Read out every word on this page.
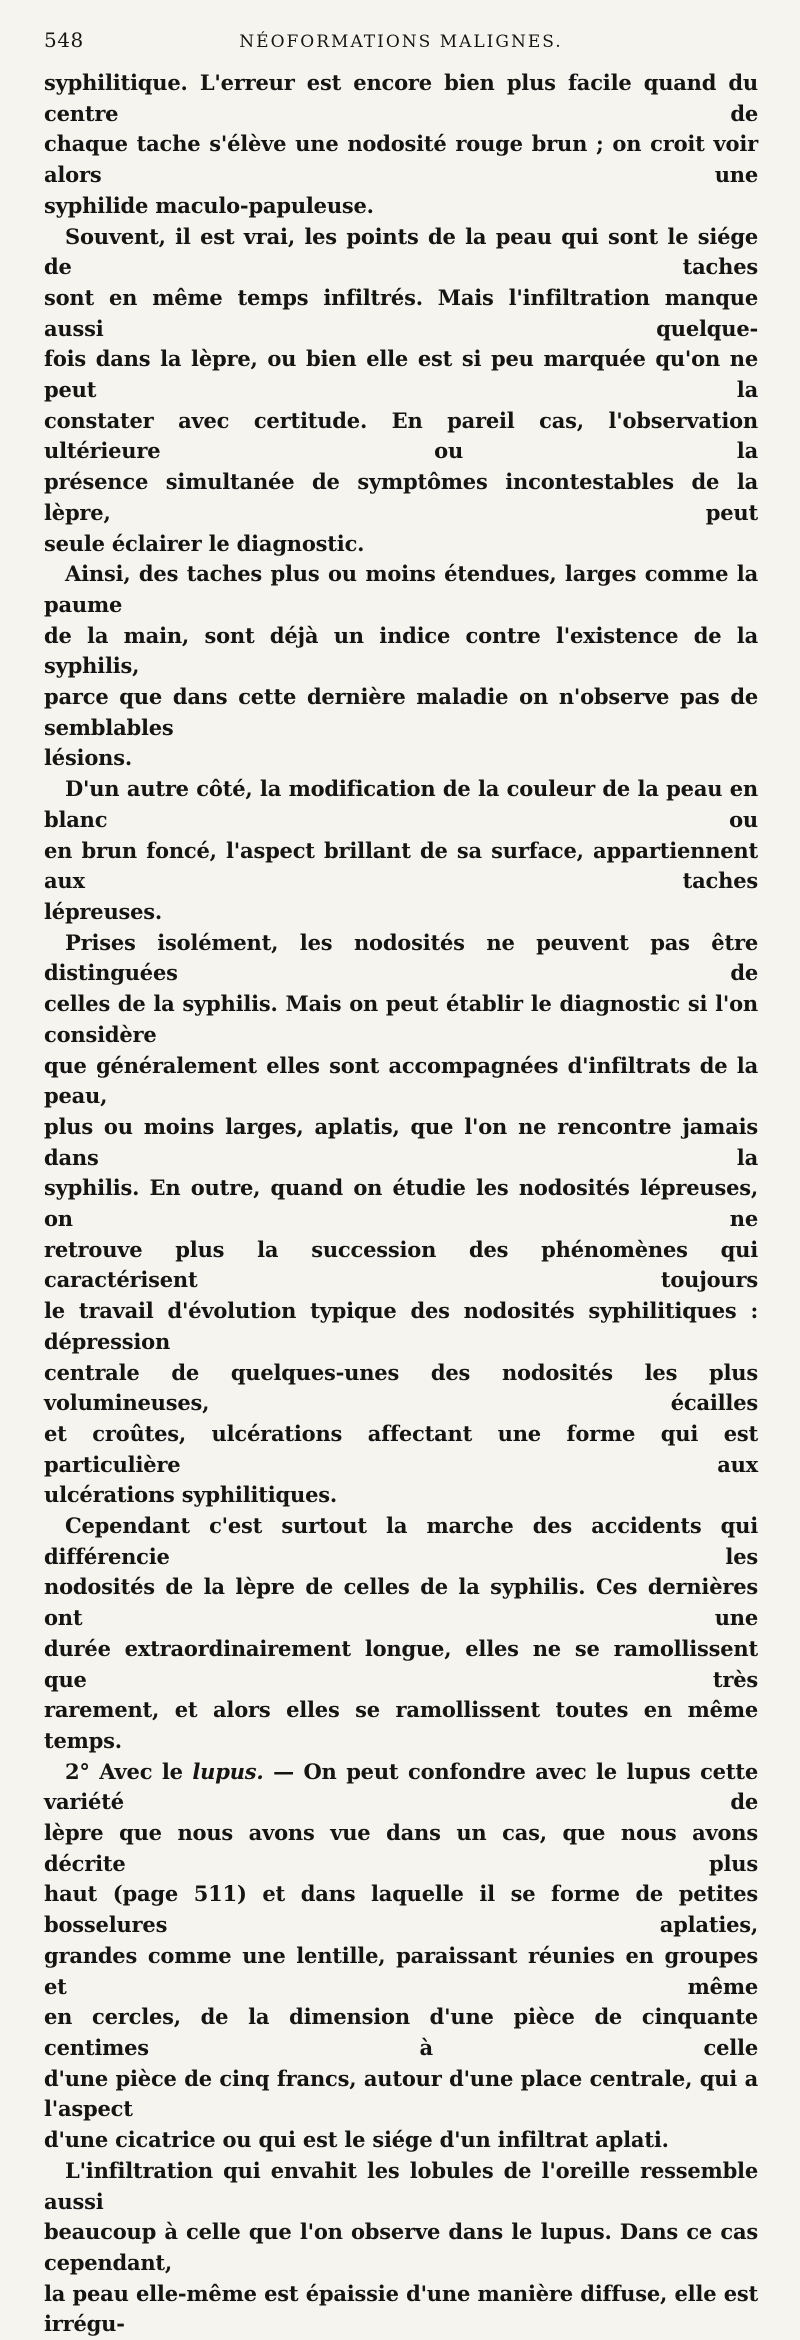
548	NÉOFORMATIONS MALIGNES.

syphilitique. L'erreur est encore bien plus facile quand du centre de
chaque tache s'élève une nodosité rouge brun ; on croit voir alors une
syphilide maculo-papuleuse.

Souvent, il est vrai, les points de la peau qui sont le siége de taches
sont en même temps infiltrés. Mais l'infiltration manque aussi quelque-
fois dans la lèpre, ou bien elle est si peu marquée qu'on ne peut la
constater avec certitude. En pareil cas, l'observation ultérieure ou la
présence simultanée de symptômes incontestables de la lèpre, peut
seule éclairer le diagnostic.

Ainsi, des taches plus ou moins étendues, larges comme la paume
de la main, sont déjà un indice contre l'existence de la syphilis,
parce que dans cette dernière maladie on n'observe pas de semblables
lésions.

D'un autre côté, la modification de la couleur de la peau en blanc ou
en brun foncé, l'aspect brillant de sa surface, appartiennent aux taches
lépreuses.

Prises isolément, les nodosités ne peuvent pas être distinguées de
celles de la syphilis. Mais on peut établir le diagnostic si l'on considère
que généralement elles sont accompagnées d'infiltrats de la peau,
plus ou moins larges, aplatis, que l'on ne rencontre jamais dans la
syphilis. En outre, quand on étudie les nodosités lépreuses, on ne
retrouve plus la succession des phénomènes qui caractérisent toujours
le travail d'évolution typique des nodosités syphilitiques : dépression
centrale de quelques-unes des nodosités les plus volumineuses, écailles
et croûtes, ulcérations affectant une forme qui est particulière aux
ulcérations syphilitiques.

Cependant c'est surtout la marche des accidents qui différencie les
nodosités de la lèpre de celles de la syphilis. Ces dernières ont une
durée extraordinairement longue, elles ne se ramollissent que très
rarement, et alors elles se ramollissent toutes en même temps.

2° Avec le lupus. — On peut confondre avec le lupus cette variété de
lèpre que nous avons vue dans un cas, que nous avons décrite plus
haut (page 511) et dans laquelle il se forme de petites bosselures aplaties,
grandes comme une lentille, paraissant réunies en groupes et même
en cercles, de la dimension d'une pièce de cinquante centimes à celle
d'une pièce de cinq francs, autour d'une place centrale, qui a l'aspect
d'une cicatrice ou qui est le siége d'un infiltrat aplati.

L'infiltration qui envahit les lobules de l'oreille ressemble aussi
beaucoup à celle que l'on observe dans le lupus. Dans ce cas cependant,
la peau elle-même est épaissie d'une manière diffuse, elle est irrégu-
